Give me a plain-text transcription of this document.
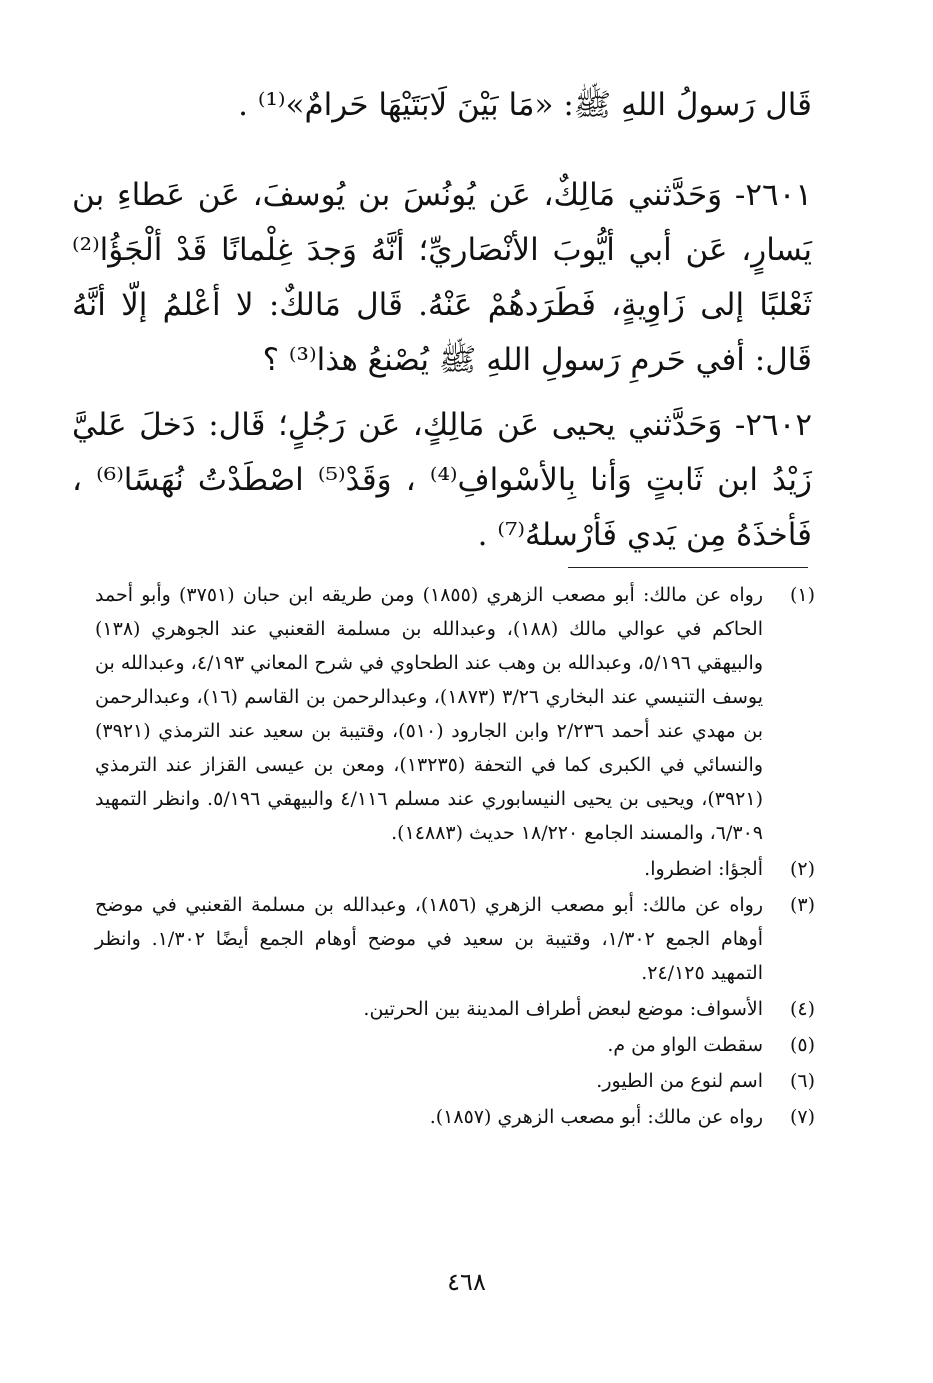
قَال رَسولُ اللهِ ﷺ: «مَا بَيْنَ لَابَتَيْهَا حَرامٌ»⁽¹⁾ .

٢٦٠١- وَحَدَّثني مَالِكٌ، عَن يُونُسَ بن يُوسفَ، عَن عَطاءِ بن يَسارٍ، عَن أبي أيُّوبَ الأنْصَاريِّ؛ أنَّهُ وَجدَ غِلْمانًا قَدْ ألْجَؤُا⁽²⁾ ثَعْلبًا إلى زَاوِيةٍ، فَطَرَدهُمْ عَنْهُ. قَال مَالكٌ: لا أعْلمُ إلّا أنَّهُ قَال: أفي حَرمِ رَسولِ اللهِ ﷺ يُصْنعُ هذا⁽³⁾ ؟

٢٦٠٢- وَحَدَّثني يحيى عَن مَالِكٍ، عَن رَجُلٍ؛ قَال: دَخلَ عَليَّ زَيْدُ ابن ثَابتٍ وَأنا بِالأسْوافِ⁽⁴⁾ ، وَقَدْ⁽⁵⁾ اصْطَدْتُ نُهَسًا⁽⁶⁾ ، فَأخذَهُ مِن يَدي فَأرْسلهُ⁽⁷⁾ .

(١)
رواه عن مالك: أبو مصعب الزهري (١٨٥٥) ومن طريقه ابن حبان (٣٧٥١) وأبو أحمد الحاكم في عوالي مالك (١٨٨)، وعبدالله بن مسلمة القعنبي عند الجوهري (١٣٨) والبيهقي ٥/١٩٦، وعبدالله بن وهب عند الطحاوي في شرح المعاني ٤/١٩٣، وعبدالله بن يوسف التنيسي عند البخاري ٣/٢٦ (١٨٧٣)، وعبدالرحمن بن القاسم (١٦)، وعبدالرحمن بن مهدي عند أحمد ٢/٢٣٦ وابن الجارود (٥١٠)، وقتيبة بن سعيد عند الترمذي (٣٩٢١) والنسائي في الكبرى كما في التحفة (١٣٢٣٥)، ومعن بن عيسى القزاز عند الترمذي (٣٩٢١)، ويحيى بن يحيى النيسابوري عند مسلم ٤/١١٦ والبيهقي ٥/١٩٦. وانظر التمهيد ٦/٣٠٩، والمسند الجامع ١٨/٢٢٠ حديث (١٤٨٨٣).
(٢)
ألجؤا: اضطروا.
(٣)
رواه عن مالك: أبو مصعب الزهري (١٨٥٦)، وعبدالله بن مسلمة القعنبي في موضح أوهام الجمع ١/٣٠٢، وقتيبة بن سعيد في موضح أوهام الجمع أيضًا ١/٣٠٢. وانظر التمهيد ٢٤/١٢٥.
(٤)
الأسواف: موضع لبعض أطراف المدينة بين الحرتين.
(٥)
سقطت الواو من م.
(٦)
اسم لنوع من الطيور.
(٧)
رواه عن مالك: أبو مصعب الزهري (١٨٥٧).
٤٦٨
